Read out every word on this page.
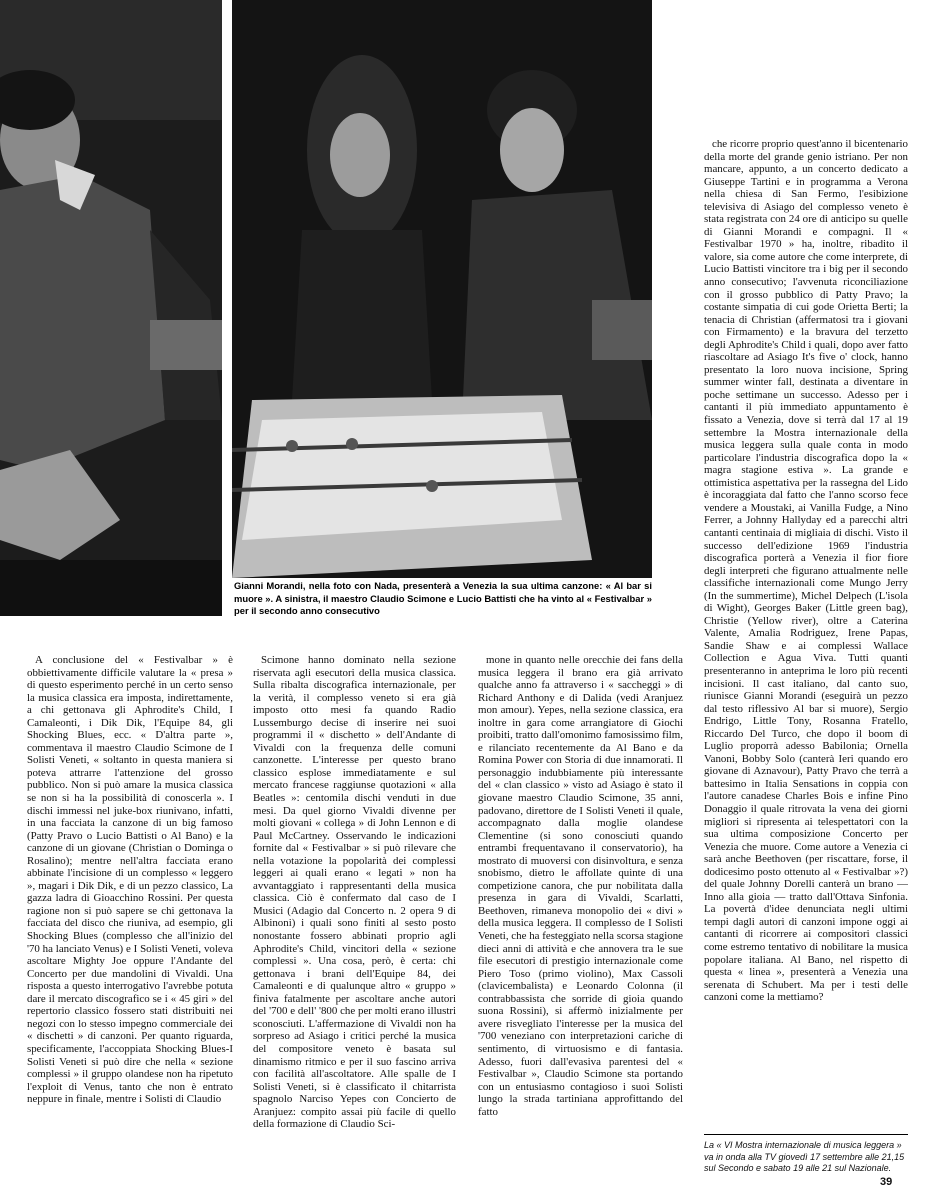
Gianni Morandi, nella foto con Nada, presenterà a Venezia la sua ultima canzone: « Al bar si muore ». A sinistra, il maestro Claudio Scimone e Lucio Battisti che ha vinto al « Festivalbar » per il secondo anno consecutivo

A conclusione del « Festivalbar » è obbiettivamente difficile valutare la « presa » di questo esperimento perché in un certo senso la musica classica era imposta, indirettamente, a chi gettonava gli Aphrodite's Child, I Camaleonti, i Dik Dik, l'Equipe 84, gli Shocking Blues, ecc. « D'altra parte », commentava il maestro Claudio Scimone de I Solisti Veneti, « soltanto in questa maniera si poteva attrarre l'attenzione del grosso pubblico. Non si può amare la musica classica se non si ha la possibilità di conoscerla ». I dischi immessi nel juke-box riunivano, infatti, in una facciata la canzone di un big famoso (Patty Pravo o Lucio Battisti o Al Bano) e la canzone di un giovane (Christian o Dominga o Rosalino); mentre nell'altra facciata erano abbinate l'incisione di un complesso « leggero », magari i Dik Dik, e di un pezzo classico, La gazza ladra di Gioacchino Rossini. Per questa ragione non si può sapere se chi gettonava la facciata del disco che riuniva, ad esempio, gli Shocking Blues (complesso che all'inizio del '70 ha lanciato Venus) e I Solisti Veneti, voleva ascoltare Mighty Joe oppure l'Andante del Concerto per due mandolini di Vivaldi. Una risposta a questo interrogativo l'avrebbe potuta dare il mercato discografico se i « 45 giri » del repertorio classico fossero stati distribuiti nei negozi con lo stesso impegno commerciale dei « dischetti » di canzoni. Per quanto riguarda, specificamente, l'accoppiata Shocking Blues-I Solisti Veneti si può dire che nella « sezione complessi » il gruppo olandese non ha ripetuto l'exploit di Venus, tanto che non è entrato neppure in finale, mentre i Solisti di Claudio

Scimone hanno dominato nella sezione riservata agli esecutori della musica classica. Sulla ribalta discografica internazionale, per la verità, il complesso veneto si era già imposto otto mesi fa quando Radio Lussemburgo decise di inserire nei suoi programmi il « dischetto » dell'Andante di Vivaldi con la frequenza delle comuni canzonette. L'interesse per questo brano classico esplose immediatamente e sul mercato francese raggiunse quotazioni « alla Beatles »: centomila dischi venduti in due mesi. Da quel giorno Vivaldi divenne per molti giovani « collega » di John Lennon e di Paul McCartney. Osservando le indicazioni fornite dal « Festivalbar » si può rilevare che nella votazione la popolarità dei complessi leggeri ai quali erano « legati » non ha avvantaggiato i rappresentanti della musica classica. Ciò è confermato dal caso de I Musici (Adagio dal Concerto n. 2 opera 9 di Albinoni) i quali sono finiti al sesto posto nonostante fossero abbinati proprio agli Aphrodite's Child, vincitori della « sezione complessi ». Una cosa, però, è certa: chi gettonava i brani dell'Equipe 84, dei Camaleonti e di qualunque altro « gruppo » finiva fatalmente per ascoltare anche autori del '700 e dell' '800 che per molti erano illustri sconosciuti. L'affermazione di Vivaldi non ha sorpreso ad Asiago i critici perché la musica del compositore veneto è basata sul dinamismo ritmico e per il suo fascino arriva con facilità all'ascoltatore. Alle spalle de I Solisti Veneti, si è classificato il chitarrista spagnolo Narciso Yepes con Concierto de Aranjuez: compito assai più facile di quello della formazione di Claudio Sci-

mone in quanto nelle orecchie dei fans della musica leggera il brano era già arrivato qualche anno fa attraverso i « saccheggi » di Richard Anthony e di Dalida (vedi Aranjuez mon amour). Yepes, nella sezione classica, era inoltre in gara come arrangiatore di Giochi proibiti, tratto dall'omonimo famosissimo film, e rilanciato recentemente da Al Bano e da Romina Power con Storia di due innamorati. Il personaggio indubbiamente più interessante del « clan classico » visto ad Asiago è stato il giovane maestro Claudio Scimone, 35 anni, padovano, direttore de I Solisti Veneti il quale, accompagnato dalla moglie olandese Clementine (si sono conosciuti quando entrambi frequentavano il conservatorio), ha mostrato di muoversi con disinvoltura, e senza snobismo, dietro le affollate quinte di una competizione canora, che pur nobilitata dalla presenza in gara di Vivaldi, Scarlatti, Beethoven, rimaneva monopolio dei « divi » della musica leggera. Il complesso de I Solisti Veneti, che ha festeggiato nella scorsa stagione dieci anni di attività e che annovera tra le sue file esecutori di prestigio internazionale come Piero Toso (primo violino), Max Cassoli (clavicembalista) e Leonardo Colonna (il contrabbassista che sorride di gioia quando suona Rossini), si affermò inizialmente per avere risvegliato l'interesse per la musica del '700 veneziano con interpretazioni cariche di sentimento, di virtuosismo e di fantasia. Adesso, fuori dall'evasiva parentesi del « Festivalbar », Claudio Scimone sta portando con un entusiasmo contagioso i suoi Solisti lungo la strada tartiniana approfittando del fatto

che ricorre proprio quest'anno il bicentenario della morte del grande genio istriano. Per non mancare, appunto, a un concerto dedicato a Giuseppe Tartini e in programma a Verona nella chiesa di San Fermo, l'esibizione televisiva di Asiago del complesso veneto è stata registrata con 24 ore di anticipo su quelle di Gianni Morandi e compagni. Il « Festivalbar 1970 » ha, inoltre, ribadito il valore, sia come autore che come interprete, di Lucio Battisti vincitore tra i big per il secondo anno consecutivo; l'avvenuta riconciliazione con il grosso pubblico di Patty Pravo; la costante simpatia di cui gode Orietta Berti; la tenacia di Christian (affermatosi tra i giovani con Firmamento) e la bravura del terzetto degli Aphrodite's Child i quali, dopo aver fatto riascoltare ad Asiago It's five o' clock, hanno presentato la loro nuova incisione, Spring summer winter fall, destinata a diventare in poche settimane un successo. Adesso per i cantanti il più immediato appuntamento è fissato a Venezia, dove si terrà dal 17 al 19 settembre la Mostra internazionale della musica leggera sulla quale conta in modo particolare l'industria discografica dopo la « magra stagione estiva ». La grande e ottimistica aspettativa per la rassegna del Lido è incoraggiata dal fatto che l'anno scorso fece vendere a Moustaki, ai Vanilla Fudge, a Nino Ferrer, a Johnny Hallyday ed a parecchi altri cantanti centinaia di migliaia di dischi. Visto il successo dell'edizione 1969 l'industria discografica porterà a Venezia il fior fiore degli interpreti che figurano attualmente nelle classifiche internazionali come Mungo Jerry (In the summertime), Michel Delpech (L'isola di Wight), Georges Baker (Little green bag), Christie (Yellow river), oltre a Caterina Valente, Amalia Rodriguez, Irene Papas, Sandie Shaw e ai complessi Wallace Collection e Agua Viva. Tutti quanti presenteranno in anteprima le loro più recenti incisioni. Il cast italiano, dal canto suo, riunisce Gianni Morandi (eseguirà un pezzo dal testo riflessivo Al bar si muore), Sergio Endrigo, Little Tony, Rosanna Fratello, Riccardo Del Turco, che dopo il boom di Luglio proporrà adesso Babilonia; Ornella Vanoni, Bobby Solo (canterà Ieri quando ero giovane di Aznavour), Patty Pravo che terrà a battesimo in Italia Sensations in coppia con l'autore canadese Charles Bois e infine Pino Donaggio il quale ritrovata la vena dei giorni migliori si ripresenta ai telespettatori con la sua ultima composizione Concerto per Venezia che muore. Come autore a Venezia ci sarà anche Beethoven (per riscattare, forse, il dodicesimo posto ottenuto al « Festivalbar »?) del quale Johnny Dorelli canterà un brano — Inno alla gioia — tratto dall'Ottava Sinfonia. La povertà d'idee denunciata negli ultimi tempi dagli autori di canzoni impone oggi ai cantanti di ricorrere ai compositori classici come estremo tentativo di nobilitare la musica popolare italiana. Al Bano, nel rispetto di questa « linea », presenterà a Venezia una serenata di Schubert. Ma per i testi delle canzoni come la mettiamo?

La « VI Mostra internazionale di musica leggera » va in onda alla TV giovedì 17 settembre alle 21,15 sul Secondo e sabato 19 alle 21 sul Nazionale.

39
